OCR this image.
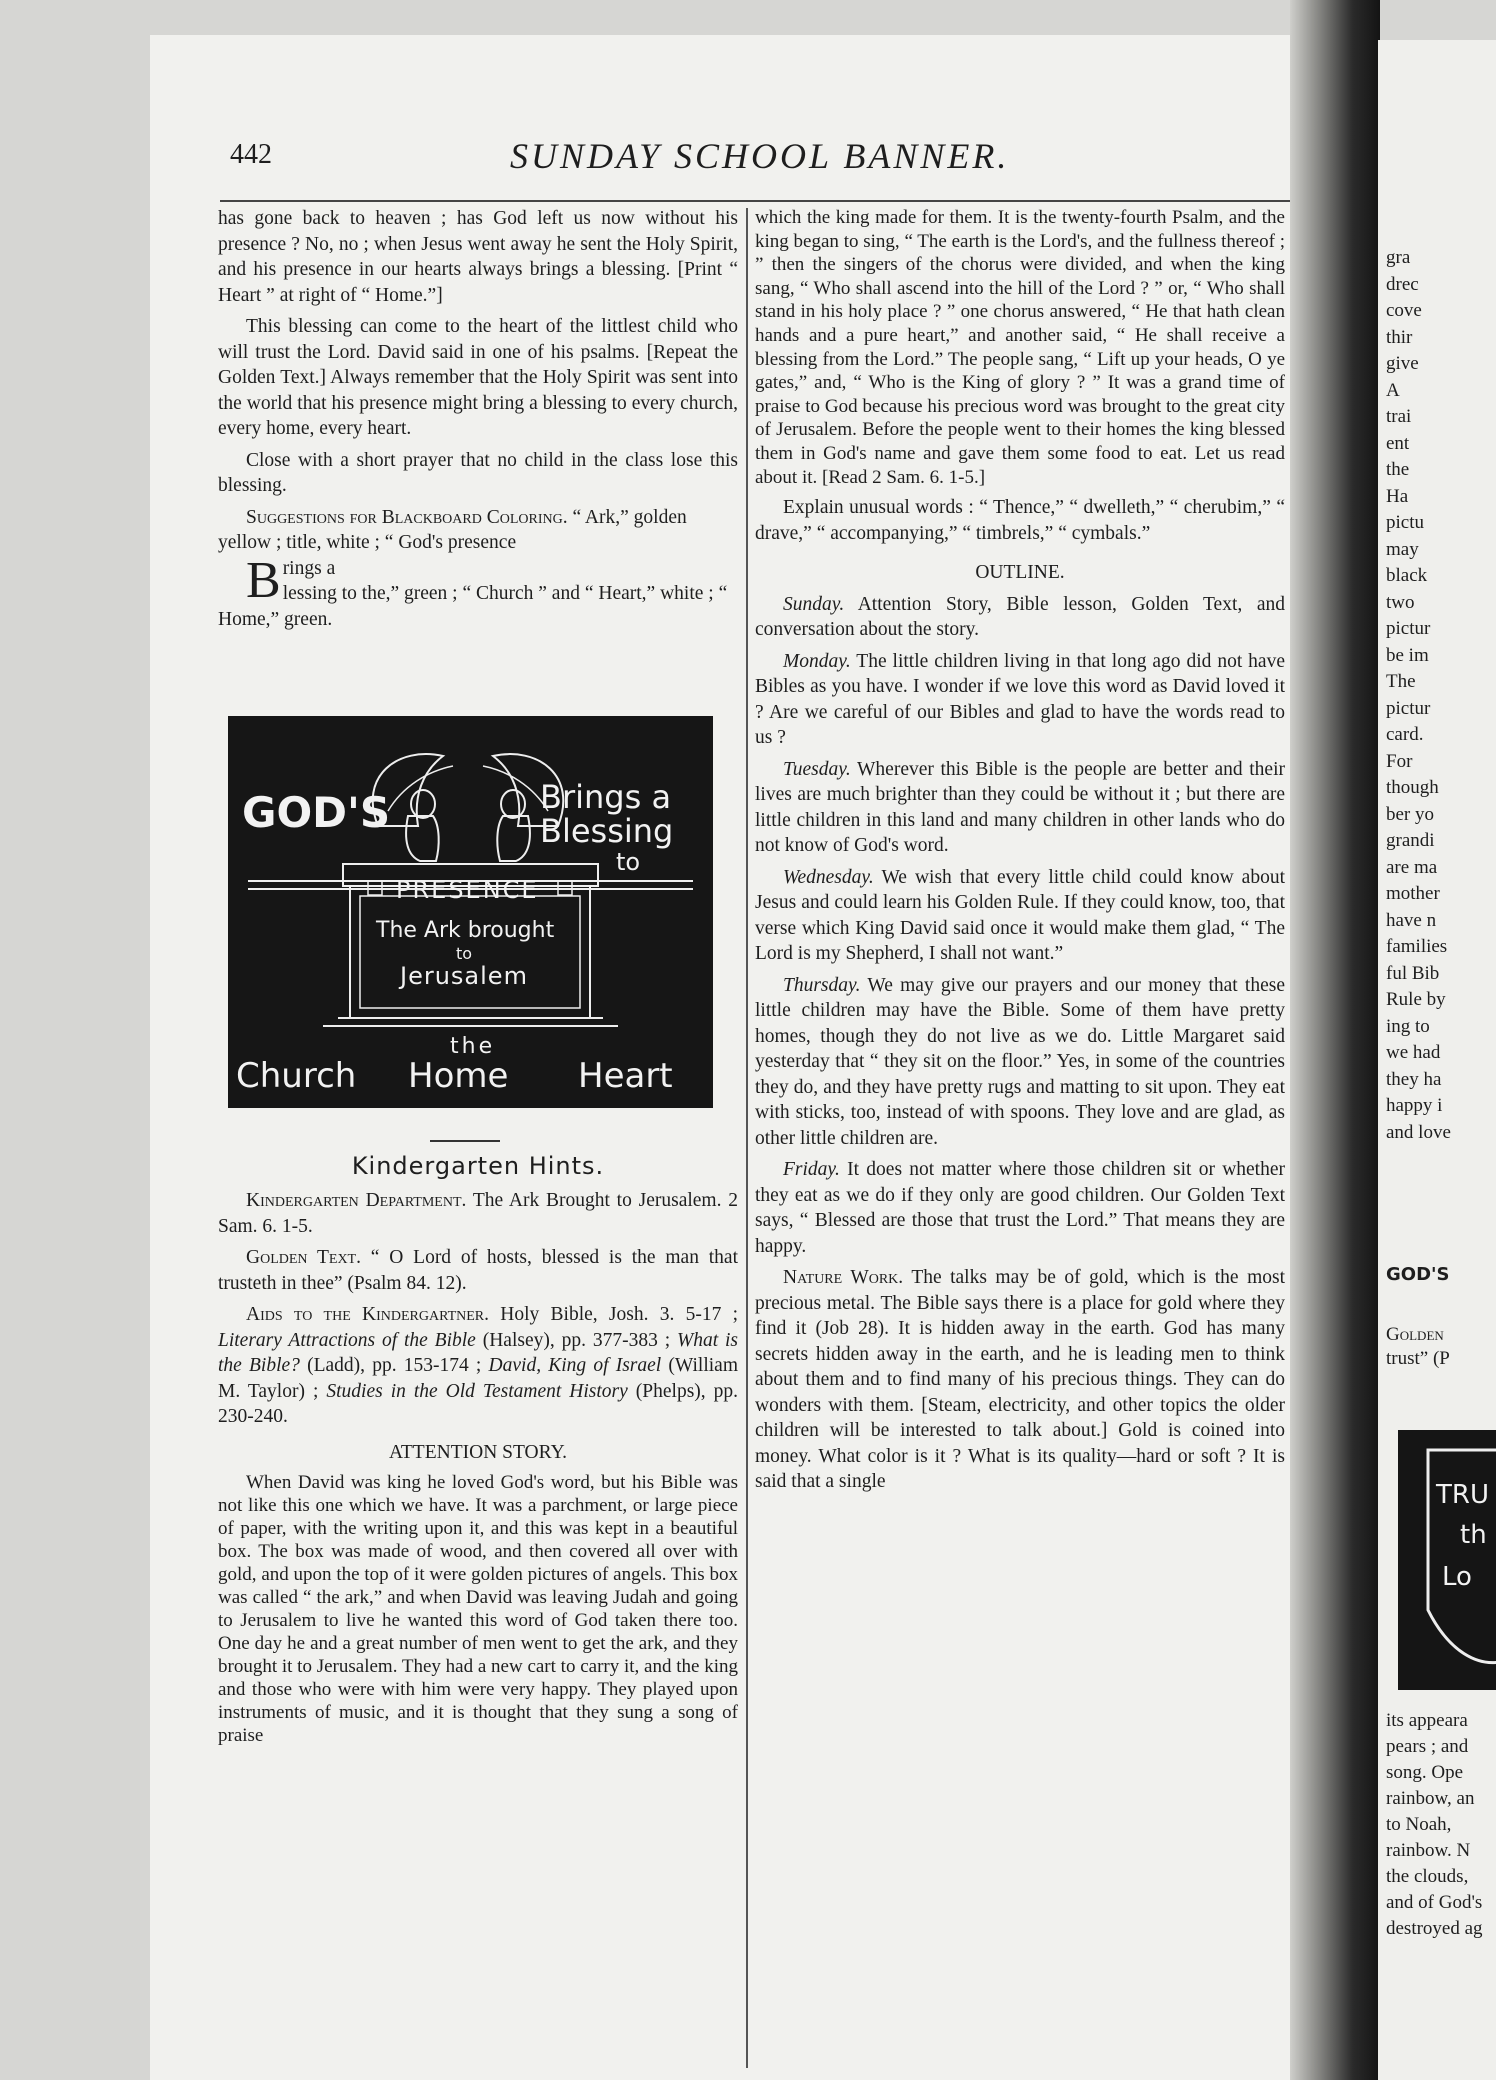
442	SUNDAY SCHOOL BANNER.

has gone back to heaven ; has God left us now without his presence ? No, no ; when Jesus went away he sent the Holy Spirit, and his presence in our hearts always brings a blessing. [Print “ Heart ” at right of “ Home.”]

This blessing can come to the heart of the littlest child who will trust the Lord. David said in one of his psalms. [Repeat the Golden Text.] Always remember that the Holy Spirit was sent into the world that his presence might bring a blessing to every church, every home, every heart.

Close with a short prayer that no child in the class lose this blessing.

Suggestions for Blackboard Coloring. “ Ark,” golden yellow ; title, white ; “ God's presence

B rings a
lessing to the,” green ; “ Church ” and “ Heart,” white ; “ Home,” green.

GOD'S	Brings a
Blessing
to
PRESENCE
The Ark brought
to
Jerusalem
the
Church Home Heart
Kindergarten Hints.

Kindergarten Department. The Ark Brought to Jerusalem. 2 Sam. 6. 1-5.

Golden Text. “ O Lord of hosts, blessed is the man that trusteth in thee” (Psalm 84. 12).

Aids to the Kindergartner. Holy Bible, Josh. 3. 5-17 ; Literary Attractions of the Bible (Halsey), pp. 377-383 ; What is the Bible? (Ladd), pp. 153-174 ; David, King of Israel (William M. Taylor) ; Studies in the Old Testament History (Phelps), pp. 230-240.

ATTENTION STORY.

When David was king he loved God's word, but his Bible was not like this one which we have. It was a parchment, or large piece of paper, with the writing upon it, and this was kept in a beautiful box. The box was made of wood, and then covered all over with gold, and upon the top of it were golden pictures of angels. This box was called “ the ark,” and when David was leaving Judah and going to Jerusalem to live he wanted this word of God taken there too. One day he and a great number of men went to get the ark, and they brought it to Jerusalem. They had a new cart to carry it, and the king and those who were with him were very happy. They played upon instruments of music, and it is thought that they sung a song of praise

which the king made for them. It is the twenty-fourth Psalm, and the king began to sing, “ The earth is the Lord's, and the fullness thereof ; ” then the singers of the chorus were divided, and when the king sang, “ Who shall ascend into the hill of the Lord ? ” or, “ Who shall stand in his holy place ? ” one chorus answered, “ He that hath clean hands and a pure heart,” and another said, “ He shall receive a blessing from the Lord.” The people sang, “ Lift up your heads, O ye gates,” and, “ Who is the King of glory ? ” It was a grand time of praise to God because his precious word was brought to the great city of Jerusalem. Before the people went to their homes the king blessed them in God's name and gave them some food to eat. Let us read about it. [Read 2 Sam. 6. 1-5.]

Explain unusual words : “ Thence,” “ dwelleth,” “ cherubim,” “ drave,” “ accompanying,” “ timbrels,” “ cymbals.”

OUTLINE.

Sunday. Attention Story, Bible lesson, Golden Text, and conversation about the story.

Monday. The little children living in that long ago did not have Bibles as you have. I wonder if we love this word as David loved it ? Are we careful of our Bibles and glad to have the words read to us ?

Tuesday. Wherever this Bible is the people are better and their lives are much brighter than they could be without it ; but there are little children in this land and many children in other lands who do not know of God's word.

Wednesday. We wish that every little child could know about Jesus and could learn his Golden Rule. If they could know, too, that verse which King David said once it would make them glad, “ The Lord is my Shepherd, I shall not want.”

Thursday. We may give our prayers and our money that these little children may have the Bible. Some of them have pretty homes, though they do not live as we do. Little Margaret said yesterday that “ they sit on the floor.” Yes, in some of the countries they do, and they have pretty rugs and matting to sit upon. They eat with sticks, too, instead of with spoons. They love and are glad, as other little children are.

Friday. It does not matter where those children sit or whether they eat as we do if they only are good children. Our Golden Text says, “ Blessed are those that trust the Lord.” That means they are happy.

Nature Work. The talks may be of gold, which is the most precious metal. The Bible says there is a place for gold where they find it (Job 28). It is hidden away in the earth. God has many secrets hidden away in the earth, and he is leading men to think about them and to find many of his precious things. They can do wonders with them. [Steam, electricity, and other topics the older children will be interested to talk about.] Gold is coined into money. What color is it ? What is its quality—hard or soft ? It is said that a single

gra
drec
cove
thir
give
A
trai
ent
the
Ha
pictu
may
black
two
pictur
be im
The
pictur
card.
For
though
ber yo
grandi
are ma
mother
have n
families
ful Bib
Rule by
ing to
we had
they ha
happy i
and love
GOD'S
Golden
trust” (P
TRU
th
Lo
its appeara
pears ; and
song. Ope
rainbow, an
to Noah,
rainbow. N
the clouds,
and of God's
destroyed ag
